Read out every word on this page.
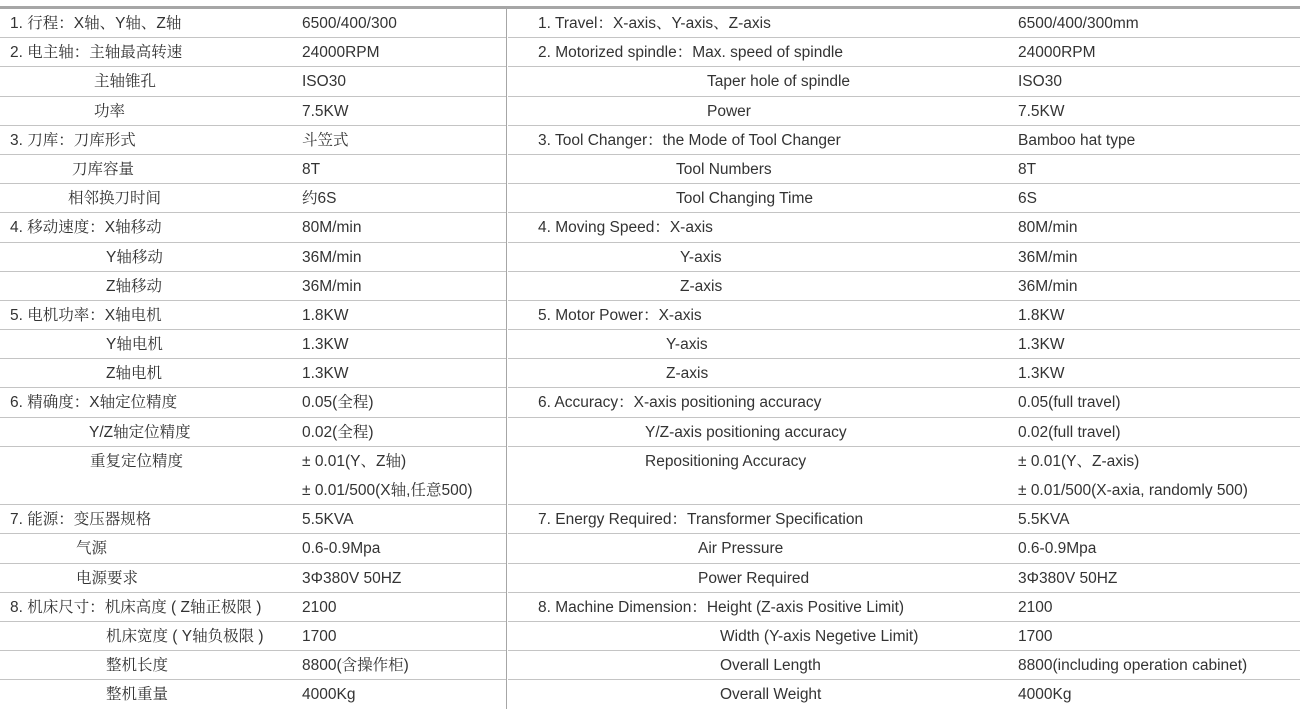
1. 行程：X轴、Y轴、Z轴	6500/400/300
2. 电主轴：主轴最高转速	24000RPM
主轴锥孔	ISO30
功率	7.5KW
3. 刀库：刀库形式	斗笠式
刀库容量	8T
相邻换刀时间	约6S
4. 移动速度：X轴移动	80M/min
Y轴移动	36M/min
Z轴移动	36M/min
5. 电机功率：X轴电机	1.8KW
Y轴电机	1.3KW
Z轴电机	1.3KW
6. 精确度：X轴定位精度	0.05(全程)
Y/Z轴定位精度	0.02(全程)
重复定位精度	± 0.01(Y、Z轴)
± 0.01/500(X轴,任意500)
7. 能源：变压器规格	5.5KVA
气源	0.6-0.9Mpa
电源要求	3Φ380V 50HZ
8. 机床尺寸：机床高度 ( Z轴正极限 )	2100
机床宽度 ( Y轴负极限 ) 1700
整机长度	8800(含操作柜)
整机重量	4000Kg
1. Travel：X-axis、Y-axis、Z-axis	6500/400/300mm
2. Motorized spindle：Max. speed of spindle	24000RPM
Taper hole of spindle	ISO30
Power	7.5KW
3. Tool Changer：the Mode of Tool Changer	Bamboo hat type
Tool Numbers	8T
Tool Changing Time	6S
4. Moving Speed：X-axis	80M/min
Y-axis	36M/min
Z-axis	36M/min
5. Motor Power：X-axis	1.8KW
Y-axis	1.3KW
Z-axis	1.3KW
6. Accuracy：X-axis positioning accuracy	0.05(full travel)
Y/Z-axis positioning accuracy	0.02(full travel)
Repositioning Accuracy	± 0.01(Y、Z-axis)
± 0.01/500(X-axia, randomly 500)
7. Energy Required：Transformer Specification	5.5KVA
Air Pressure	0.6-0.9Mpa
Power Required	3Φ380V 50HZ
8. Machine Dimension：Height (Z-axis Positive Limit)	2100
Width (Y-axis Negetive Limit)	1700
Overall Length	8800(including operation cabinet)
Overall Weight	4000Kg
